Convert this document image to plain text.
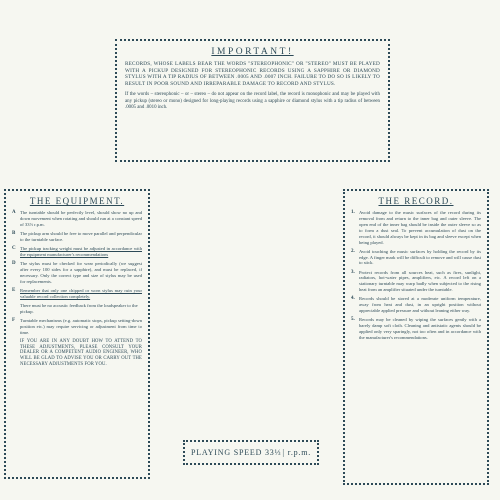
IMPORTANT!

RECORDS, WHOSE LABELS BEAR THE WORDS "STEREOPHONIC" OR "STEREO" MUST BE PLAYED WITH A PICKUP DESIGNED FOR STEREOPHONIC RECORDS USING A SAPPHIRE OR DIAMOND STYLUS WITH A TIP RADIUS OF BETWEEN .0005 AND .0007 INCH. FAILURE TO DO SO IS LIKELY TO RESULT IN POOR SOUND AND IRREPARABLE DAMAGE TO RECORD AND STYLUS.

If the words – stereophonic – or – stereo – do not appear on the record label, the record is monophonic and may be played with any pickup (stereo or mono) designed for long-playing records using a sapphire or diamond stylus with a tip radius of between .0005 and .0010 inch.

THE EQUIPMENT.
A The turntable should be perfectly level, should show no up and down movement when rotating and should run at a constant speed of 33⅓ r.p.m.
B	The pickup arm should be free to move parallel and perpendicular to the turntable surface.
C The pickup tracking weight must be adjusted in accordance with the equipment manufacturer's recommendations
D The stylus must be checked for wear periodically (we suggest after every 100 sides for a sapphire), and must be replaced, if necessary. Only the correct type and size of stylus may be used for replacements.
E	Remember that only one chipped or worn stylus may ruin your valuable record collection completely.
There must be no acoustic feedback from the loudspeaker to the pickup.
F	Turntable mechanisms (e.g. automatic stops, pickup setting-down position etc.) may require servicing or adjustment from time to time.
IF YOU ARE IN ANY DOUBT HOW TO ATTEND TO THESE ADJUSTMENTS, PLEASE CONSULT YOUR DEALER OR A COMPETENT AUDIO ENGINEER, WHO WILL BE GLAD TO ADVISE YOU OR CARRY OUT THE NECESSARY ADJUSTMENTS FOR YOU.
THE RECORD.
1. Avoid damage to the music surfaces of the record during its removal from and return to the inner bag and outer sleeve. The open end of the inner bag should be inside the outer sleeve so as to form a dust seal. To prevent accumulation of dust on the record, it should always be kept in its bag and sleeve except when being played.
2. Avoid touching the music surfaces by holding the record by its edge. A finger mark will be difficult to remove and will cause dust to stick.
3. Protect records from all sources heat, such as fires, sunlight, radiators, hot-water pipes, amplifiers, etc. A record left on a stationary turntable may warp badly when subjected to the rising heat from an amplifier situated under the turntable.
4. Records should be stored at a moderate uniform temperature, away from heat and dust, in an upright position without appreciable applied pressure and without leaning either way.
5. Records may be cleaned by wiping the surfaces gently with a barely damp soft cloth. Cleaning and antistatic agents should be applied only very sparingly, not too often and in accordance with the manufacturer's recommendations.
PLAYING SPEED 33⅓ | r.p.m.
